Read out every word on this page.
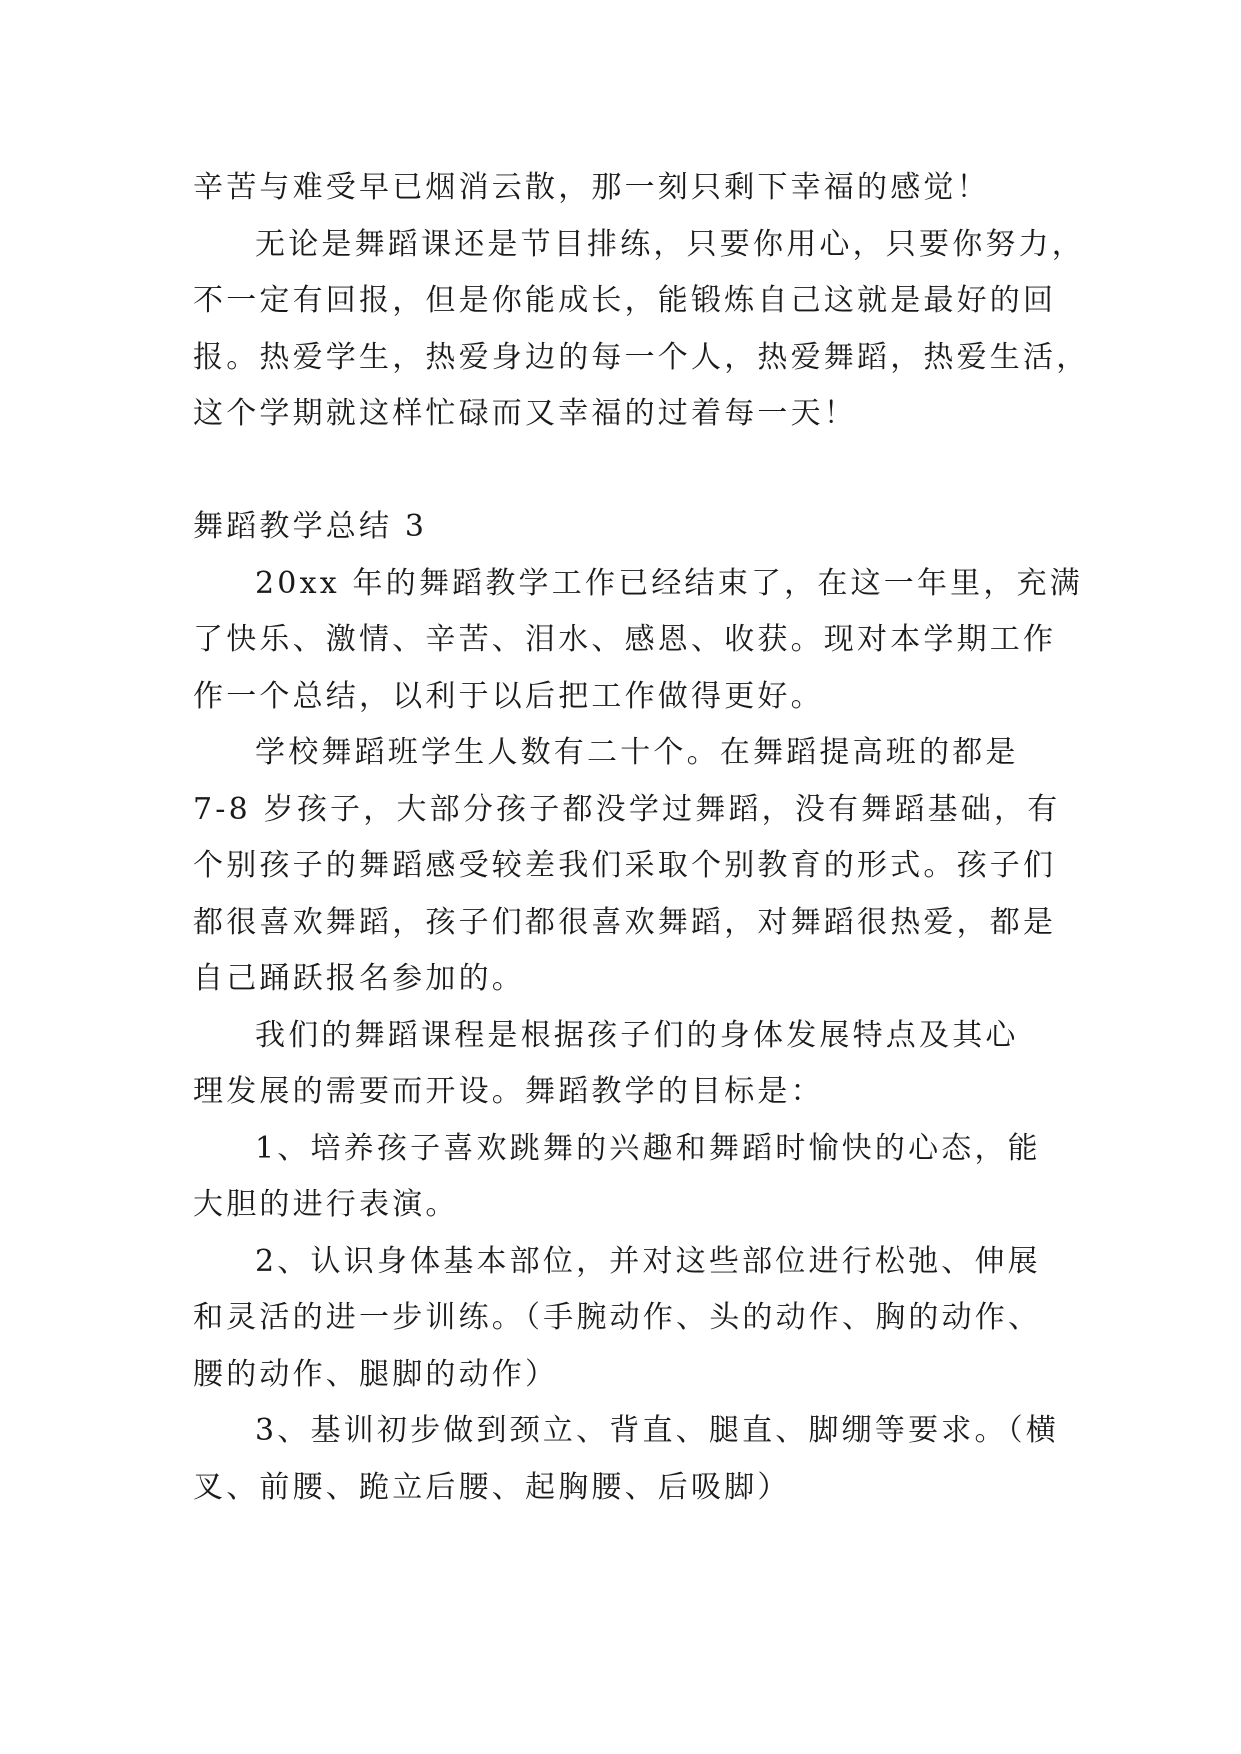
辛苦与难受早已烟消云散，那一刻只剩下幸福的感觉！
无论是舞蹈课还是节目排练，只要你用心，只要你努力，
不一定有回报，但是你能成长，能锻炼自己这就是最好的回
报。热爱学生，热爱身边的每一个人，热爱舞蹈，热爱生活，
这个学期就这样忙碌而又幸福的过着每一天！
舞蹈教学总结 3
20xx 年的舞蹈教学工作已经结束了，在这一年里，充满
了快乐、激情、辛苦、泪水、感恩、收获。现对本学期工作
作一个总结，以利于以后把工作做得更好。
学校舞蹈班学生人数有二十个。在舞蹈提高班的都是
7-8 岁孩子，大部分孩子都没学过舞蹈，没有舞蹈基础，有
个别孩子的舞蹈感受较差我们采取个别教育的形式。孩子们
都很喜欢舞蹈，孩子们都很喜欢舞蹈，对舞蹈很热爱，都是
自己踊跃报名参加的。
我们的舞蹈课程是根据孩子们的身体发展特点及其心
理发展的需要而开设。舞蹈教学的目标是：
1、培养孩子喜欢跳舞的兴趣和舞蹈时愉快的心态，能
大胆的进行表演。
2、认识身体基本部位，并对这些部位进行松弛、伸展
和灵活的进一步训练。（手腕动作、头的动作、胸的动作、
腰的动作、腿脚的动作）
3、基训初步做到颈立、背直、腿直、脚绷等要求。（横
叉、前腰、跪立后腰、起胸腰、后吸脚）
